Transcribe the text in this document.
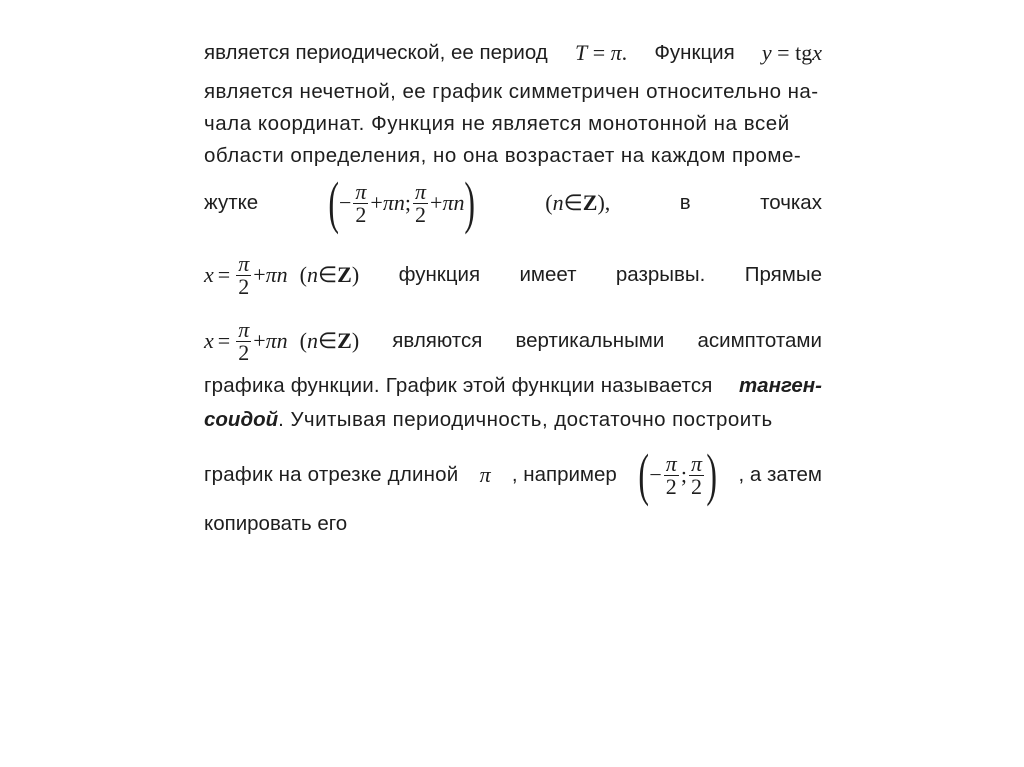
является периодической, ее период T = π. Функция y = tgx
является нечетной, ее график симметричен относительно на-
чала координат. Функция не является монотонной на всей
области определения, но она возрастает на каждом проме-
жутке ( − $\frac{\pi}{2} + \pi n$ ; $\frac{\pi}{2} + \pi n$ )	(n∈Z),	в	точках
$x = \frac{\pi}{2} + \pi n$ ( n ∈ Z ) функция имеет разрывы. Прямые
$x = \frac{\pi}{2} + \pi n$ ( n ∈ Z ) являются вертикальными асимптотами
графика функции. График этой функции называется танген-
соидой. Учитывая периодичность, достаточно построить
график на отрезке длиной π , например ( − $\frac{\pi}{2}$ ; $\frac{\pi}{2}$ ) , а затем
копировать его
